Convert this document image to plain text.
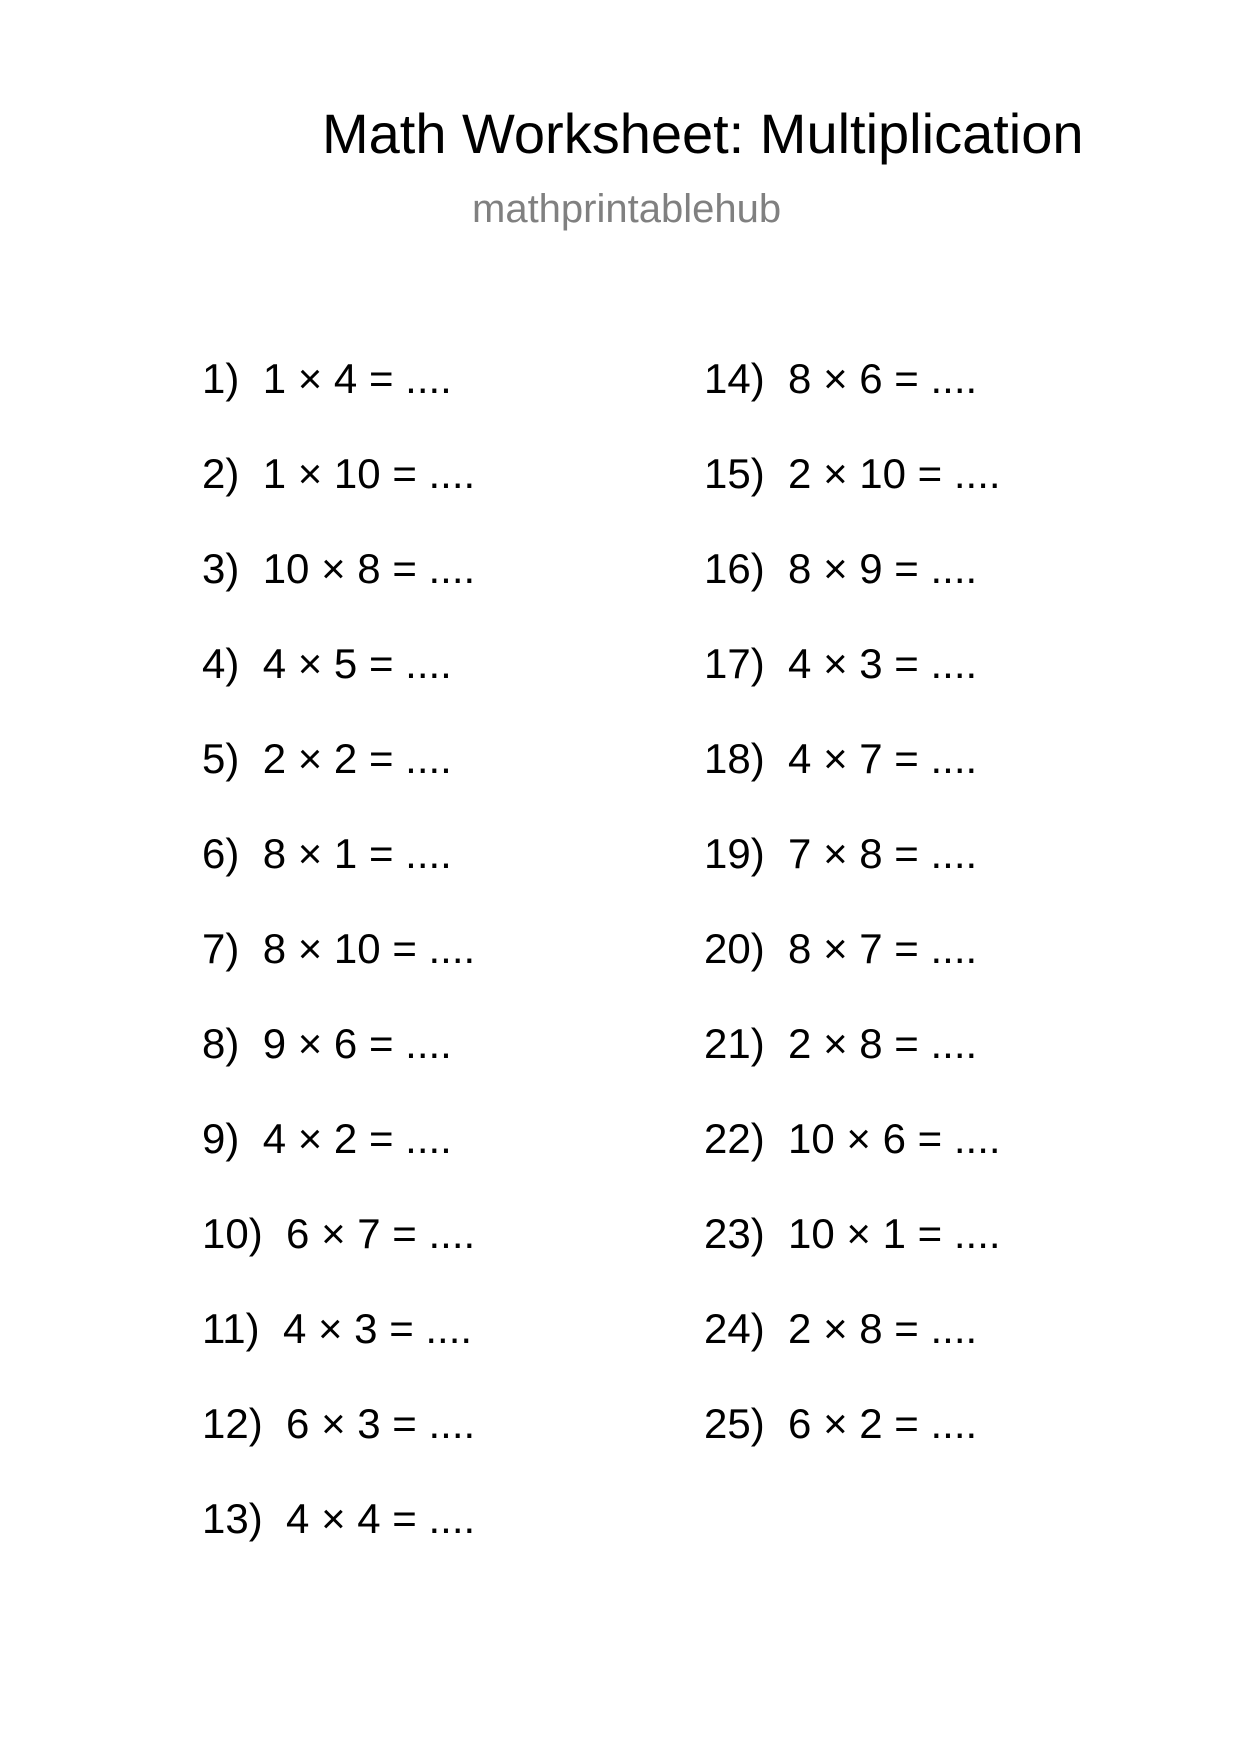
Math Worksheet: Multiplication
mathprintablehub
1) 1 × 4 = ....
2) 1 × 10 = ....
3) 10 × 8 = ....
4) 4 × 5 = ....
5) 2 × 2 = ....
6) 8 × 1 = ....
7) 8 × 10 = ....
8) 9 × 6 = ....
9) 4 × 2 = ....
10) 6 × 7 = ....
11) 4 × 3 = ....
12) 6 × 3 = ....
13) 4 × 4 = ....
14) 8 × 6 = ....
15) 2 × 10 = ....
16) 8 × 9 = ....
17) 4 × 3 = ....
18) 4 × 7 = ....
19) 7 × 8 = ....
20) 8 × 7 = ....
21) 2 × 8 = ....
22) 10 × 6 = ....
23) 10 × 1 = ....
24) 2 × 8 = ....
25) 6 × 2 = ....
